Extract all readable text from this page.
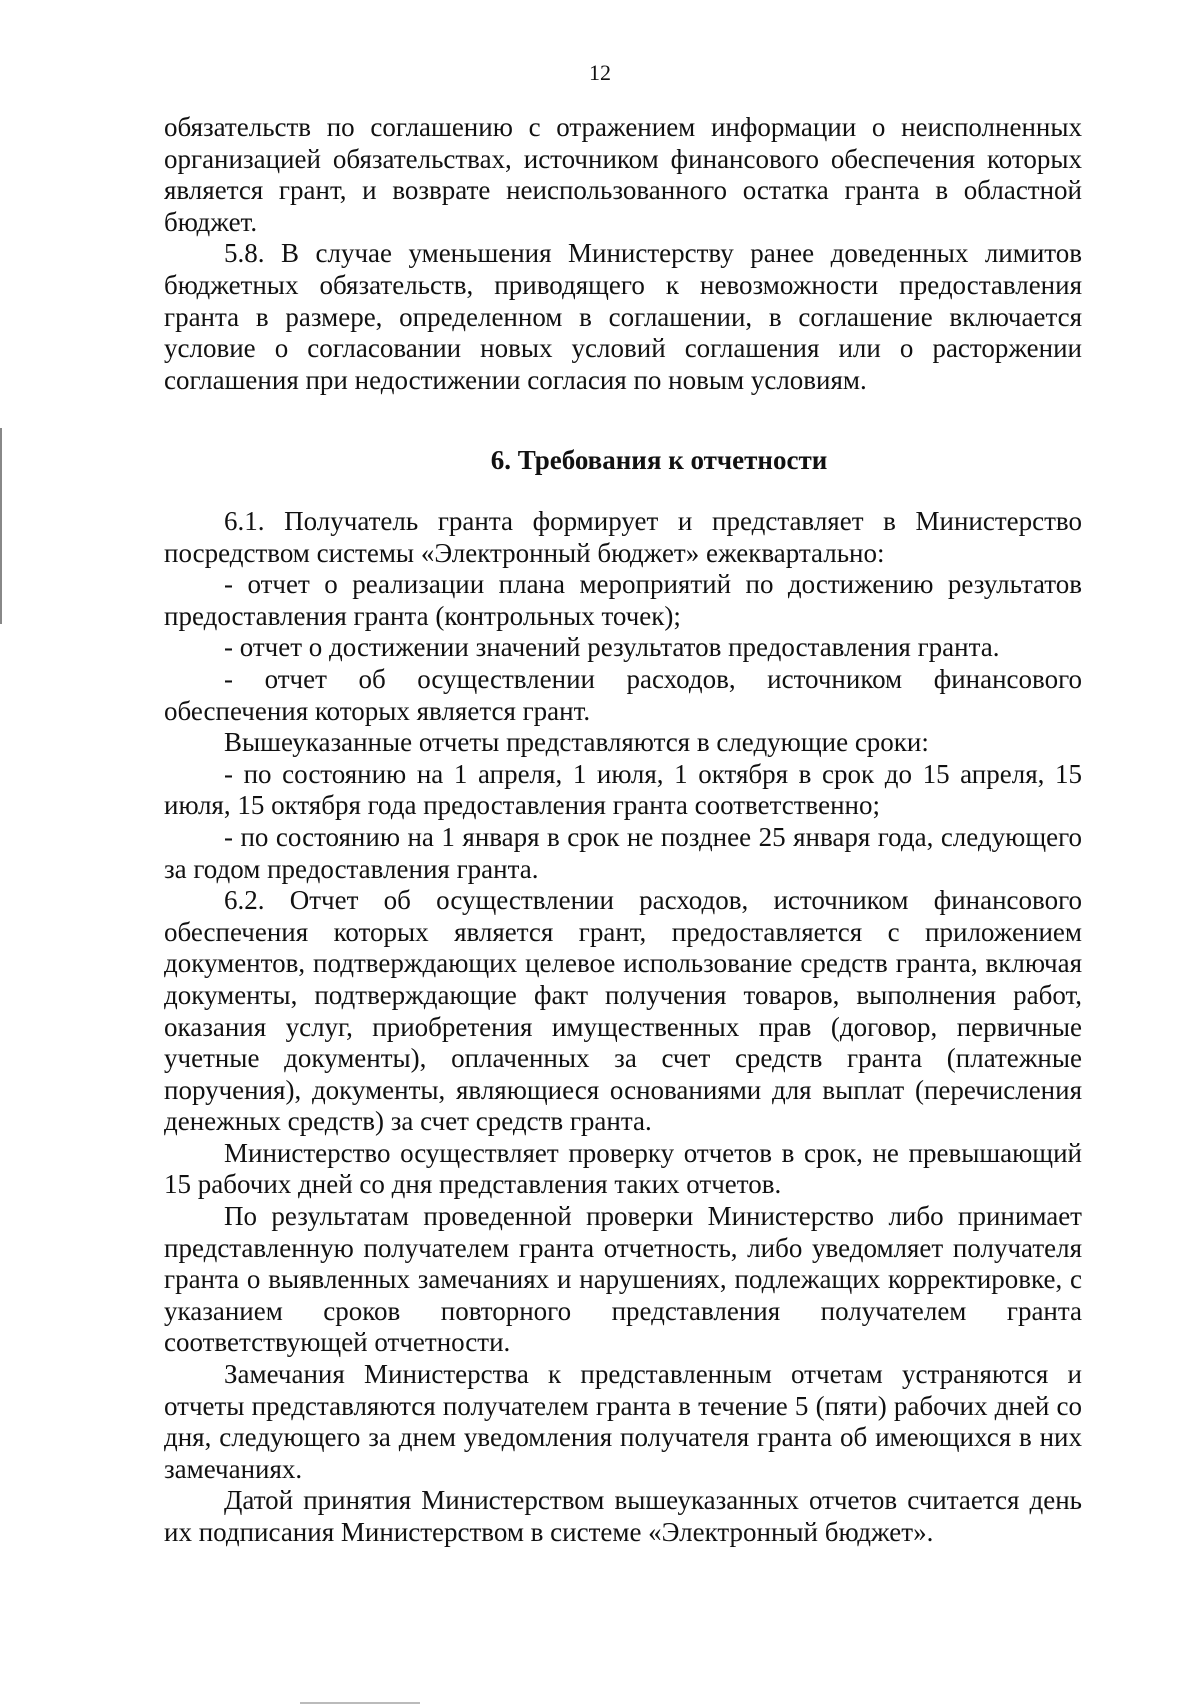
12

обязательств по соглашению с отражением информации о неисполненных организацией обязательствах, источником финансового обеспечения которых является грант, и возврате неиспользованного остатка гранта в областной бюджет.

5.8. В случае уменьшения Министерству ранее доведенных лимитов бюджетных обязательств, приводящего к невозможности предоставления гранта в размере, определенном в соглашении, в соглашение включается условие о согласовании новых условий соглашения или о расторжении соглашения при недостижении согласия по новым условиям.

6. Требования к отчетности

6.1. Получатель гранта формирует и представляет в Министерство посредством системы «Электронный бюджет» ежеквартально:

- отчет о реализации плана мероприятий по достижению результатов предоставления гранта (контрольных точек);

- отчет о достижении значений результатов предоставления гранта.

- отчет об осуществлении расходов, источником финансового обеспечения которых является грант.

Вышеуказанные отчеты представляются в следующие сроки:

- по состоянию на 1 апреля, 1 июля, 1 октября в срок до 15 апреля, 15 июля, 15 октября года предоставления гранта соответственно;

- по состоянию на 1 января в срок не позднее 25 января года, следующего за годом предоставления гранта.

6.2. Отчет об осуществлении расходов, источником финансового обеспечения которых является грант, предоставляется с приложением документов, подтверждающих целевое использование средств гранта, включая документы, подтверждающие факт получения товаров, выполнения работ, оказания услуг, приобретения имущественных прав (договор, первичные учетные документы), оплаченных за счет средств гранта (платежные поручения), документы, являющиеся основаниями для выплат (перечисления денежных средств) за счет средств гранта.

Министерство осуществляет проверку отчетов в срок, не превышающий 15 рабочих дней со дня представления таких отчетов.

По результатам проведенной проверки Министерство либо принимает представленную получателем гранта отчетность, либо уведомляет получателя гранта о выявленных замечаниях и нарушениях, подлежащих корректировке, с указанием сроков повторного представления получателем гранта соответствующей отчетности.

Замечания Министерства к представленным отчетам устраняются и отчеты представляются получателем гранта в течение 5 (пяти) рабочих дней со дня, следующего за днем уведомления получателя гранта об имеющихся в них замечаниях.

Датой принятия Министерством вышеуказанных отчетов считается день их подписания Министерством в системе «Электронный бюджет».
